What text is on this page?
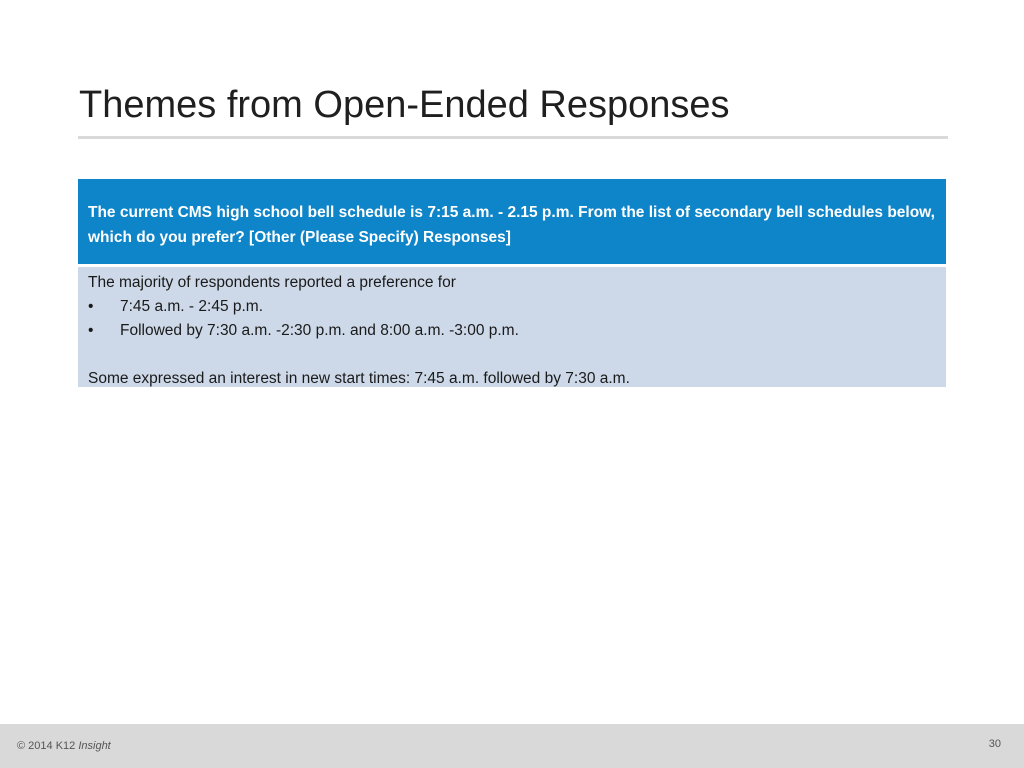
Themes from Open-Ended Responses
The current CMS high school bell schedule is 7:15 a.m. - 2.15 p.m. From the list of secondary bell schedules below, which do you prefer? [Other (Please Specify) Responses]

The majority of respondents reported a preference for

• 7:45 a.m. - 2:45 p.m.
• Followed by 7:30 a.m. -2:30 p.m. and 8:00 a.m. -3:00 p.m.

Some expressed an interest in new start times: 7:45 a.m. followed by 7:30 a.m.

© 2014 K12 Insight	30
